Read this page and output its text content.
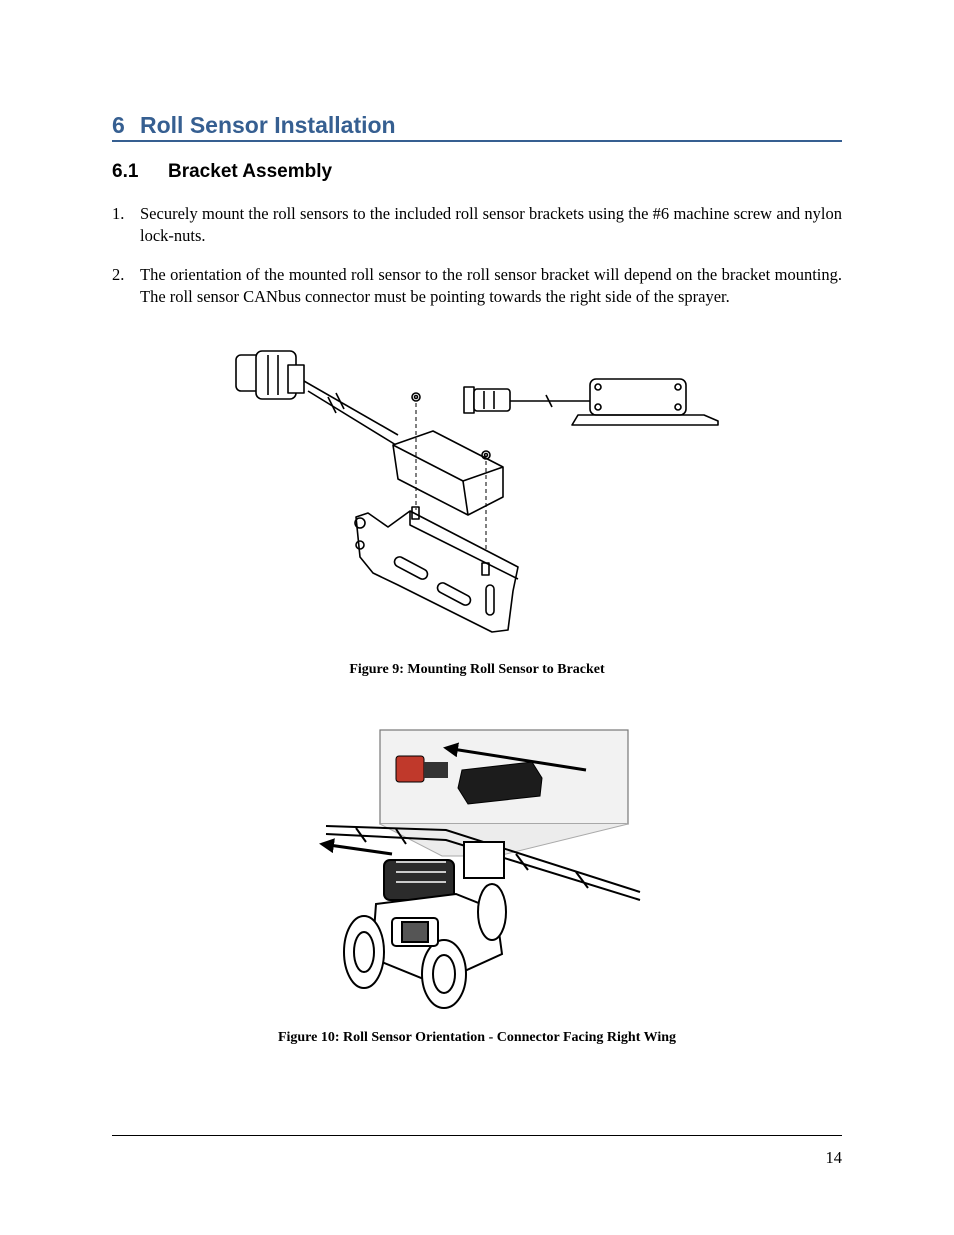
6 Roll Sensor Installation
6.1 Bracket Assembly
1. Securely mount the roll sensors to the included roll sensor brackets using the #6 machine screw and nylon lock-nuts.
2. The orientation of the mounted roll sensor to the roll sensor bracket will depend on the bracket mounting. The roll sensor CANbus connector must be pointing towards the right side of the sprayer.
Figure 9: Mounting Roll Sensor to Bracket
Figure 10: Roll Sensor Orientation - Connector Facing Right Wing
14
